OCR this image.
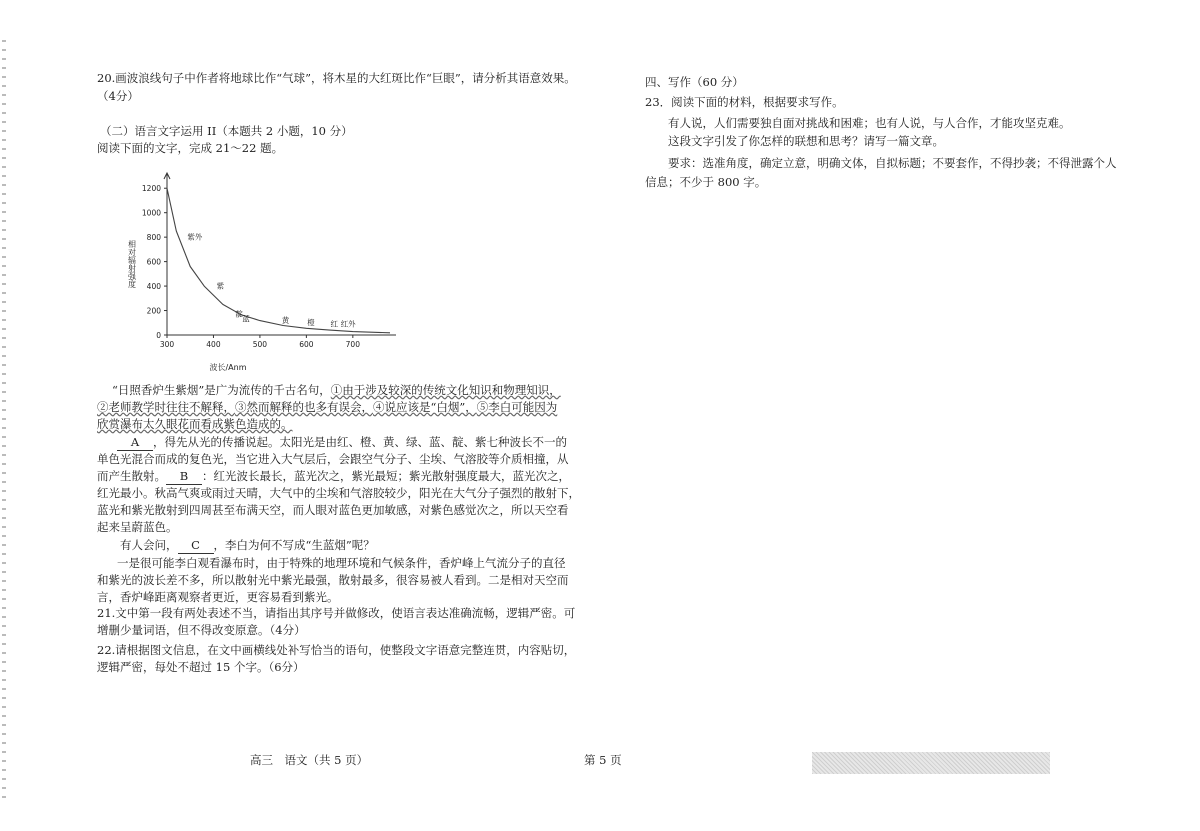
20.画波浪线句子中作者将地球比作“气球”，将木星的大红斑比作“巨眼”，请分析其语意效果。

（4分）

（二）语言文字运用 II（本题共 2 小题，10 分）

阅读下面的文字，完成 21～22 题。

1200
1000
800
600
400
200
0
300	400	500	600	700
相对辐射强度
波长/Anm
紫外
紫
靛
蓝	黄 橙 红 红外

“日照香炉生紫烟”是广为流传的千古名句，①由于涉及较深的传统文化知识和物理知识，

②老师教学时往往不解释，③然而解释的也多有误会，④说应该是“白烟”，⑤李白可能因为

欣赏瀑布太久眼花而看成紫色造成的。

A ，得先从光的传播说起。太阳光是由红、橙、黄、绿、蓝、靛、紫七种波长不一的

单色光混合而成的复色光，当它进入大气层后，会跟空气分子、尘埃、气溶胶等介质相撞，从

而产生散射。 B ：红光波长最长，蓝光次之，紫光最短；紫光散射强度最大，蓝光次之，

红光最小。秋高气爽或雨过天晴，大气中的尘埃和气溶胶较少，阳光在大气分子强烈的散射下，

蓝光和紫光散射到四周甚至布满天空，而人眼对蓝色更加敏感，对紫色感觉次之，所以天空看

起来呈蔚蓝色。

有人会问， C ，李白为何不写成“生蓝烟”呢？

一是很可能李白观看瀑布时，由于特殊的地理环境和气候条件，香炉峰上气流分子的直径

和紫光的波长差不多，所以散射光中紫光最强，散射最多，很容易被人看到。二是相对天空而

言，香炉峰距离观察者更近，更容易看到紫光。

21.文中第一段有两处表述不当，请指出其序号并做修改，使语言表达准确流畅，逻辑严密。可

增删少量词语，但不得改变原意。（4分）

22.请根据图文信息，在文中画横线处补写恰当的语句，使整段文字语意完整连贯，内容贴切，

逻辑严密，每处不超过 15 个字。（6分）

四、写作（60 分）

23．阅读下面的材料，根据要求写作。

有人说，人们需要独自面对挑战和困难；也有人说，与人合作，才能攻坚克难。

这段文字引发了你怎样的联想和思考？请写一篇文章。

要求：选准角度，确定立意，明确文体，自拟标题；不要套作，不得抄袭；不得泄露个人

信息；不少于 800 字。

高三　语文（共 5 页）	第 5 页
